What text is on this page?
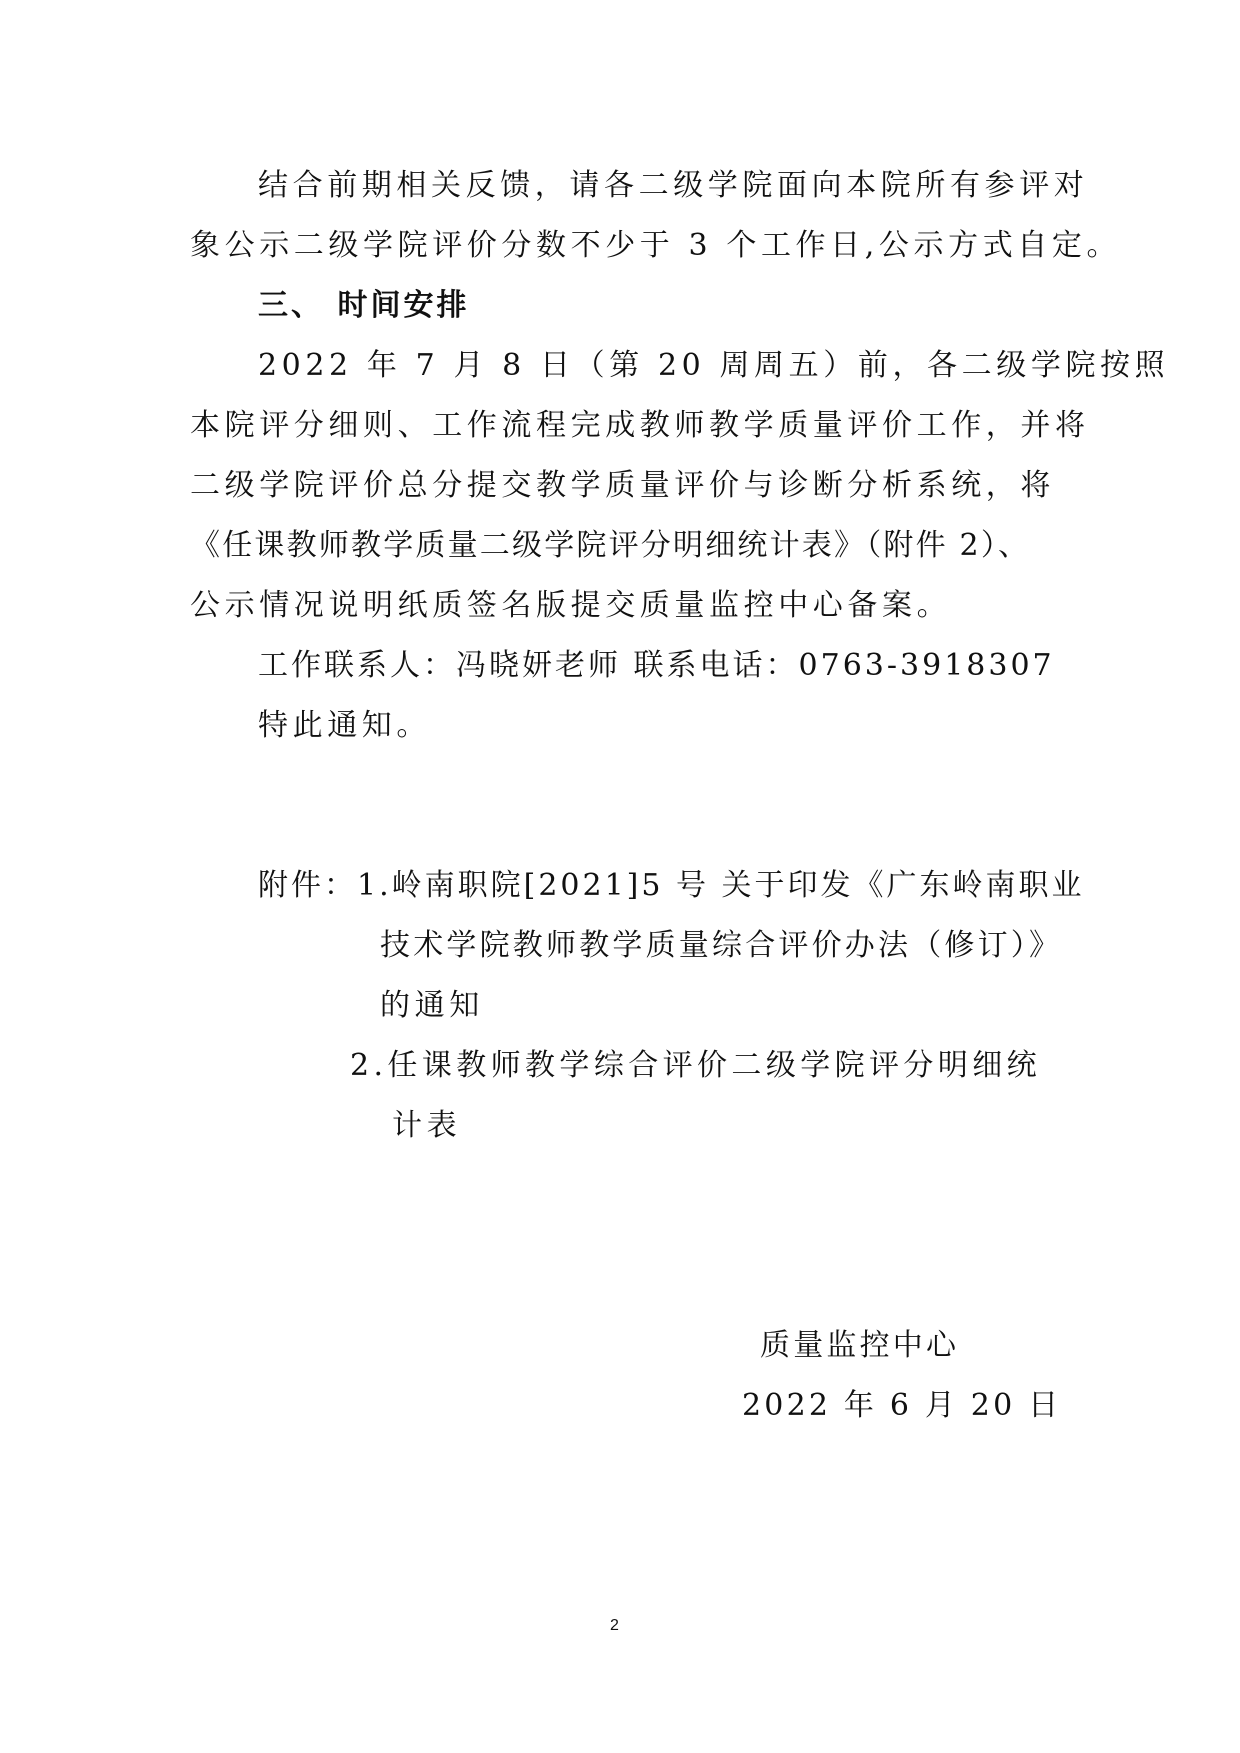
结合前期相关反馈，请各二级学院面向本院所有参评对
象公示二级学院评价分数不少于 3 个工作日,公示方式自定。
三、 时间安排
2022 年 7 月 8 日（第 20 周周五）前，各二级学院按照
本院评分细则、工作流程完成教师教学质量评价工作，并将
二级学院评价总分提交教学质量评价与诊断分析系统，将
《任课教师教学质量二级学院评分明细统计表》（附件 2）、
公示情况说明纸质签名版提交质量监控中心备案。
工作联系人：冯晓妍老师 联系电话：0763-3918307
特此通知。
附件：1.岭南职院[2021]5 号 关于印发《广东岭南职业
技术学院教师教学质量综合评价办法（修订）》
的通知
2.任课教师教学综合评价二级学院评分明细统
计表
质量监控中心
2022 年 6 月 20 日
2
